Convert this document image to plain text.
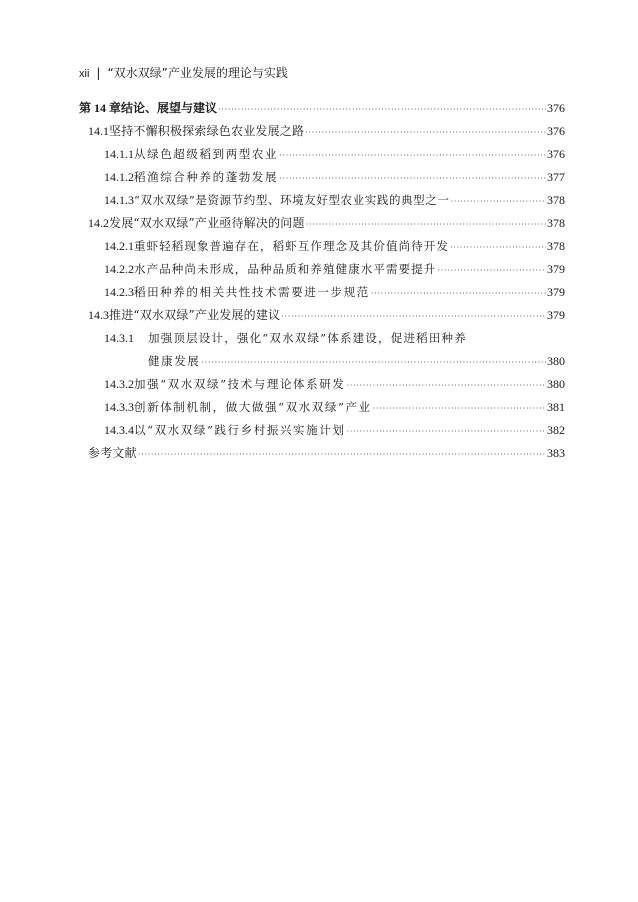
xii | “双水双绿”产业发展的理论与实践
第 14 章 结论、展望与建议 ·····	376
14.1 坚持不懈积极探索绿色农业发展之路 ·····	376
14.1.1 从绿色超级稻到两型农业 ·····	376
14.1.2 稻渔综合种养的蓬勃发展 ·····	377
14.1.3 “双水双绿”是资源节约型、环境友好型农业实践的典型之一 ·····	378
14.2 发展“双水双绿”产业亟待解决的问题 ·····	378
14.2.1 重虾轻稻现象普遍存在，稻虾互作理念及其价值尚待开发 ·····	378
14.2.2 水产品种尚未形成，品种品质和养殖健康水平需要提升 ·····	379
14.2.3 稻田种养的相关共性技术需要进一步规范 ·····	379
14.3 推进“双水双绿”产业发展的建议 ·····	379
14.3.1	加强顶层设计，强化“双水双绿”体系建设，促进稻田种养
健康发展 ·····	380
14.3.2 加强“双水双绿”技术与理论体系研发 ·····	380
14.3.3 创新体制机制，做大做强“双水双绿”产业 ·····	381
14.3.4 以“双水双绿”践行乡村振兴实施计划 ·····	382
参考文献 ·····	383
